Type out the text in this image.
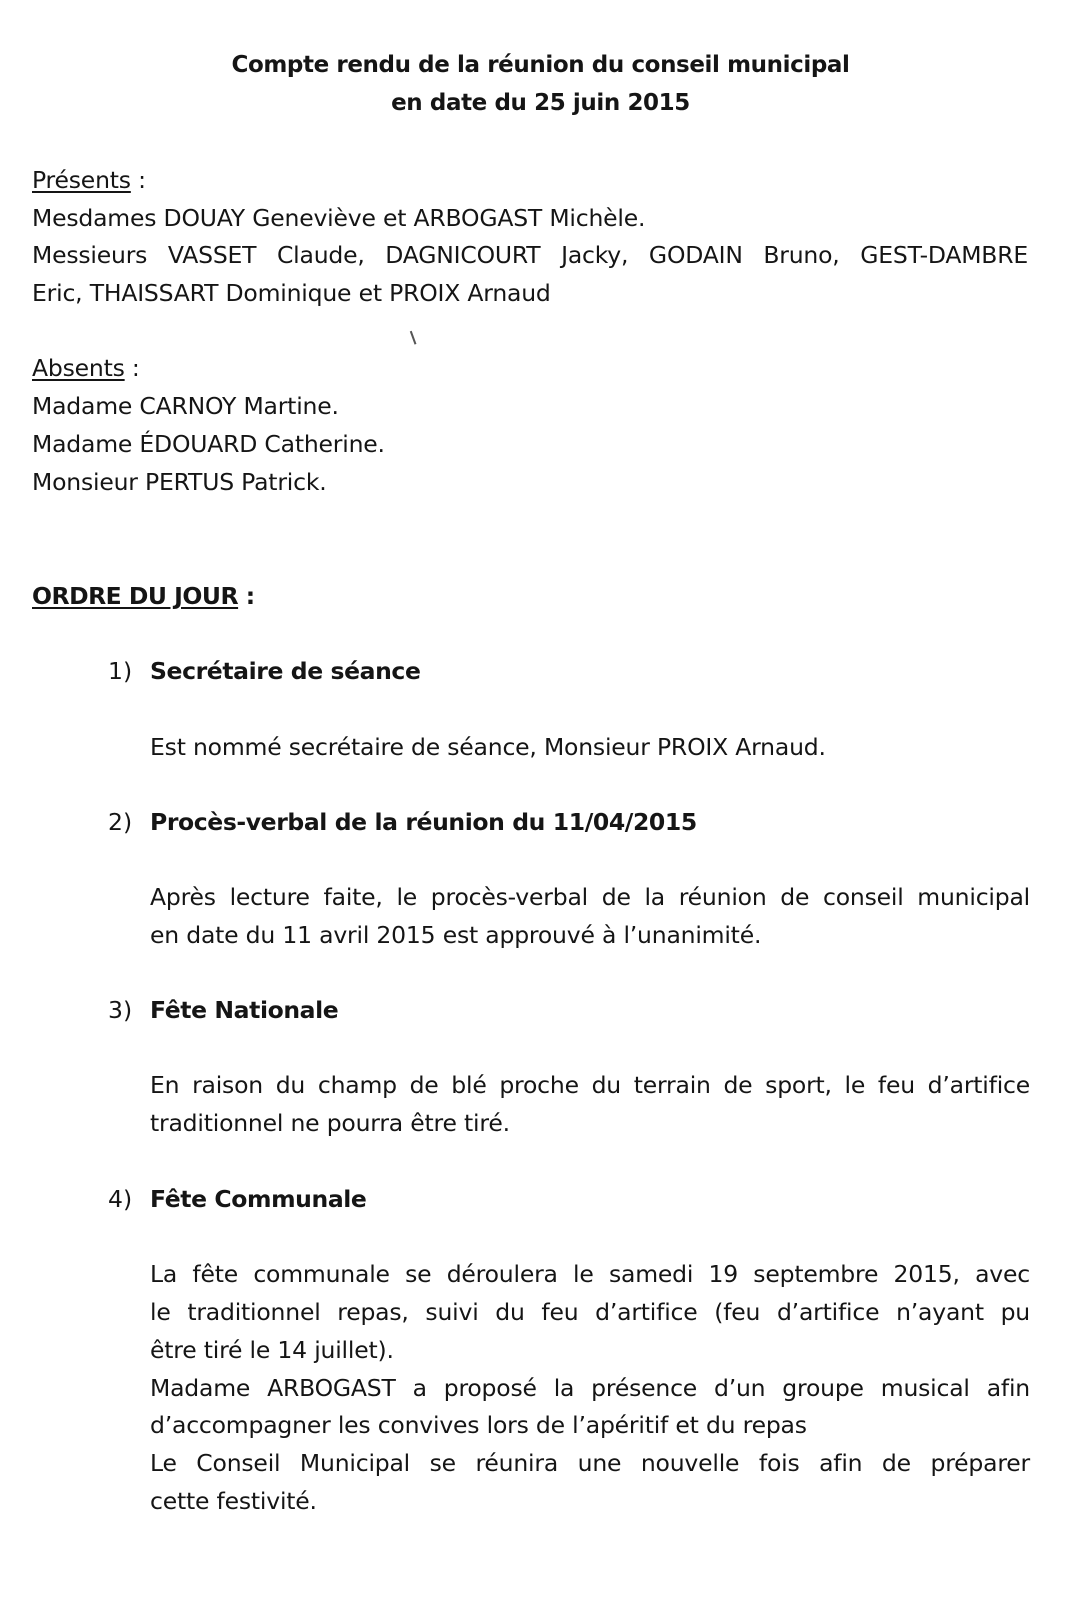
Compte rendu de la réunion du conseil municipal

en date du 25 juin 2015

Présents :

Mesdames DOUAY Geneviève et ARBOGAST Michèle.

Messieurs VASSET Claude, DAGNICOURT Jacky, GODAIN Bruno, GEST-DAMBRE

Eric, THAISSART Dominique et PROIX Arnaud

Absents :

Madame CARNOY Martine.

Madame ÉDOUARD Catherine.

Monsieur PERTUS Patrick.

ORDRE DU JOUR :

1) Secrétaire de séance

Est nommé secrétaire de séance, Monsieur PROIX Arnaud.

2) Procès-verbal de la réunion du 11/04/2015

Après lecture faite, le procès-verbal de la réunion de conseil municipal

en date du 11 avril 2015 est approuvé à l’unanimité.

3) Fête Nationale

En raison du champ de blé proche du terrain de sport, le feu d’artifice

traditionnel ne pourra être tiré.

4) Fête Communale

La fête communale se déroulera le samedi 19 septembre 2015, avec

le traditionnel repas, suivi du feu d’artifice (feu d’artifice n’ayant pu

être tiré le 14 juillet).

Madame ARBOGAST a proposé la présence d’un groupe musical afin

d’accompagner les convives lors de l’apéritif et du repas

Le Conseil Municipal se réunira une nouvelle fois afin de préparer

cette festivité.
